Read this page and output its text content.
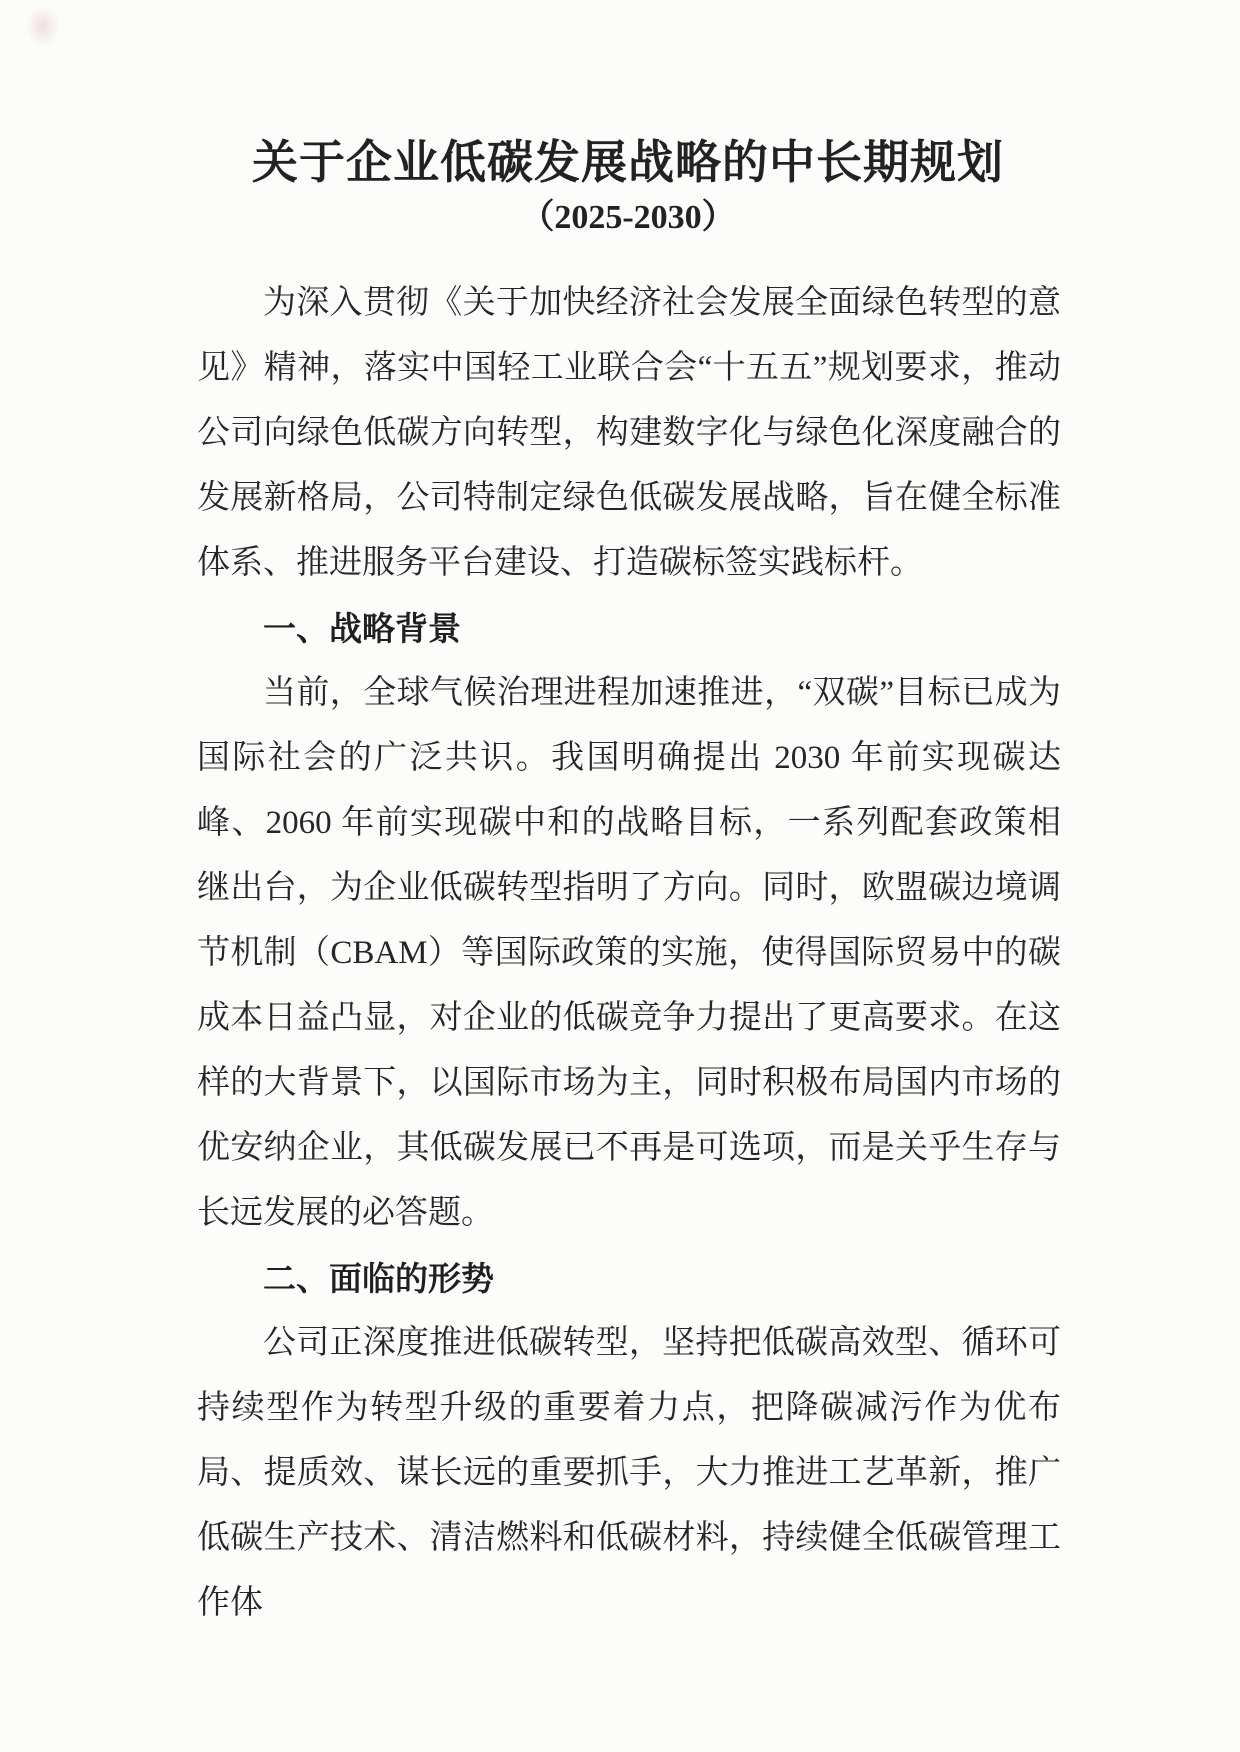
关于企业低碳发展战略的中长期规划
（2025-2030）

为深入贯彻《关于加快经济社会发展全面绿色转型的意见》精神，落实中国轻工业联合会“十五五”规划要求，推动公司向绿色低碳方向转型，构建数字化与绿色化深度融合的发展新格局，公司特制定绿色低碳发展战略，旨在健全标准体系、推进服务平台建设、打造碳标签实践标杆。

一、战略背景

当前，全球气候治理进程加速推进，“双碳”目标已成为国际社会的广泛共识。我国明确提出 2030 年前实现碳达峰、2060 年前实现碳中和的战略目标，一系列配套政策相继出台，为企业低碳转型指明了方向。同时，欧盟碳边境调节机制（CBAM）等国际政策的实施，使得国际贸易中的碳成本日益凸显，对企业的低碳竞争力提出了更高要求。在这样的大背景下，以国际市场为主，同时积极布局国内市场的优安纳企业，其低碳发展已不再是可选项，而是关乎生存与长远发展的必答题。

二、面临的形势

公司正深度推进低碳转型，坚持把低碳高效型、循环可持续型作为转型升级的重要着力点，把降碳减污作为优布局、提质效、谋长远的重要抓手，大力推进工艺革新，推广低碳生产技术、清洁燃料和低碳材料，持续健全低碳管理工作体
